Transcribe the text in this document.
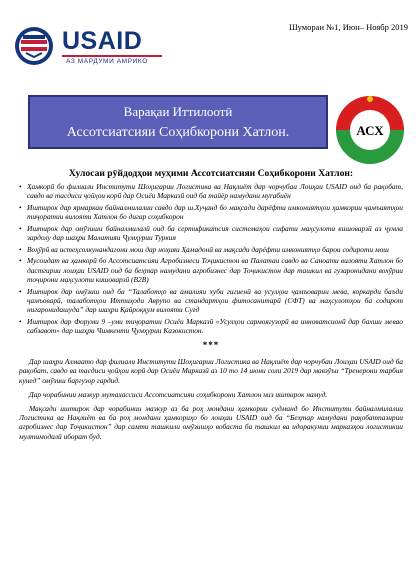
USAID
АЗ МАРДУМИ АМРИКО
Шумораи №1, Июн– Ноябр 2019
Варақаи Иттилоотӣ
Ассотсиатсияи Соҳибкорони Хатлон.	АСХ
Хулосаи рӯйдодҳои муҳими Ассотсиатсияи Соҳибкорони Хатлон:
• Ҳамкорӣ бо филиали Институти Шоҳигарии Логистика ва Нақлиёт дар чорчубаи Лоиҳаи USAID оид ба рақобат, савдо ва тасдиси ҷойҳои корӣ дар Осиёи Марказӣ оид ба тайёр намудани муrабиён
• Иштирок дар ярмаркаи байналмилалии савдо дар ш.Хуҷанд бо мақсади дарёфти имкониятҳои ҳамкории ҷамъиятҳои тиҷоратии вилояти Хатлон бо дигар соҳибкорон
• Иштирок дар омӯзиши байналмилалӣ оид ба сертификатсия системаҳои сифати маҳсулоти кишоварзӣ аз ҷумла зардолу дар шаҳри Малатияи Ҷумҳурии Туркия
• Воҳӯрӣ ва истеҳсолкунандагони мош дар ноҳияи Ҳамадонӣ ва мақсади дарёфти имкониятҳо барои содироти мош
• Мусоидат ва ҳамкорӣ бо Ассотсиатсияи Агробизнеси Тоҷикистон ва Палатаи савдо ва Саноати вилояти Хатлон бо дастгирии лоиҳаи USAID оид ба беҳтар намудани агробизнес дар Тоҷикистон дар ташкил ва гузаронидани вохӯрии тоҷирони маҳсулоти кишоварзӣ (B2B)
• Иштирок дар омӯзиш оид ба “Талаботҳо ва амалияи хуби гигиенӣ ва усулҳои ҷамъоварии мева, коркарди баъди ҷамъоварӣ, талаботҳои Иттиҳоди Аврупо ва стандартҳои фитосанитарӣ (СФТ) ва маҳсулотҳои ба содирот нигаронидашуда” дар шаҳри Қайроққум вилояти Суғд
• Иштирок дар Форуми 9 –уми тиҷоратии Осиёи Марказӣ «Усулҳои сармоягузорӣ ва инноватсионӣ дар бахши мевао сабзавот» дар шаҳри Чимкенти Ҷумҳурии Казокистон.
***

Дар шаҳри Алмаато дар филиали Институти Шоҳигарии Логистика ва Нақлиёт дар чорчубаи Лоиҳаи USAID оид ба рақобат, савдо ва тасдиси ҷойҳои корӣ дар Осиёи Марказӣ аз 10 то 14 июни соли 2019 дар мавзӯъи “Тренерони тарбия кунед” омӯзиш баргузор гардид.

Дар чорабинии мазкур мутахассиси Ассотсиатсияи соҳибкорони Хатлон низ иштирок намуд.

Мақсади иштирок дар чорабинии мазкур аз ба роҳ мондани ҳамкории судманд бо Институти байналмилалии Логистика ва Нақлиёт ва ба роҳ мондани ҳамкориҳо бо лоиҳаи USAID оид ба “Беҳтар намудани рақобатпазирии агробизнес дар Тоҷикистон” дар самти ташкили омӯзишҳо вобаста ба ташкил ва идоракунии марказҳои логистикии мултимодалӣ иборат буд.
